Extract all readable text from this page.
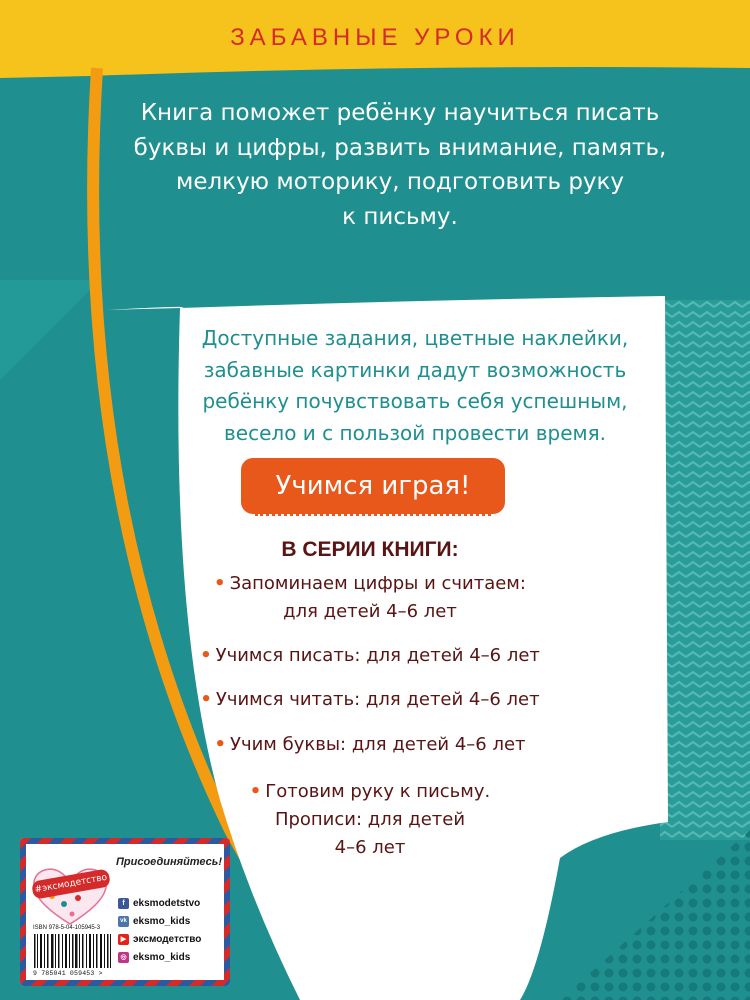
ЗАБАВНЫЕ УРОКИ
Книга поможет ребёнку научиться писать
буквы и цифры, развить внимание, память,
мелкую моторику, подготовить руку
к письму.
Доступные задания, цветные наклейки,
забавные картинки дадут возможность
ребёнку почувствовать себя успешным,
весело и с пользой провести время.
Учимся играя!
В СЕРИИ КНИГИ:
• Запоминаем цифры и считаем:
для детей 4–6 лет
• Учимся писать: для детей 4–6 лет
• Учимся читать: для детей 4–6 лет
• Учим буквы: для детей 4–6 лет
• Готовим руку к письму.
Прописи: для детей
4–6 лет
#эксмодетство
Присоединяйтесь!
ISBN 978-5-04-105945-3
9 785041 059453 >
f eksmodetstvo
vk eksmo_kids
▶ эксмодетство
◎ eksmo_kids
